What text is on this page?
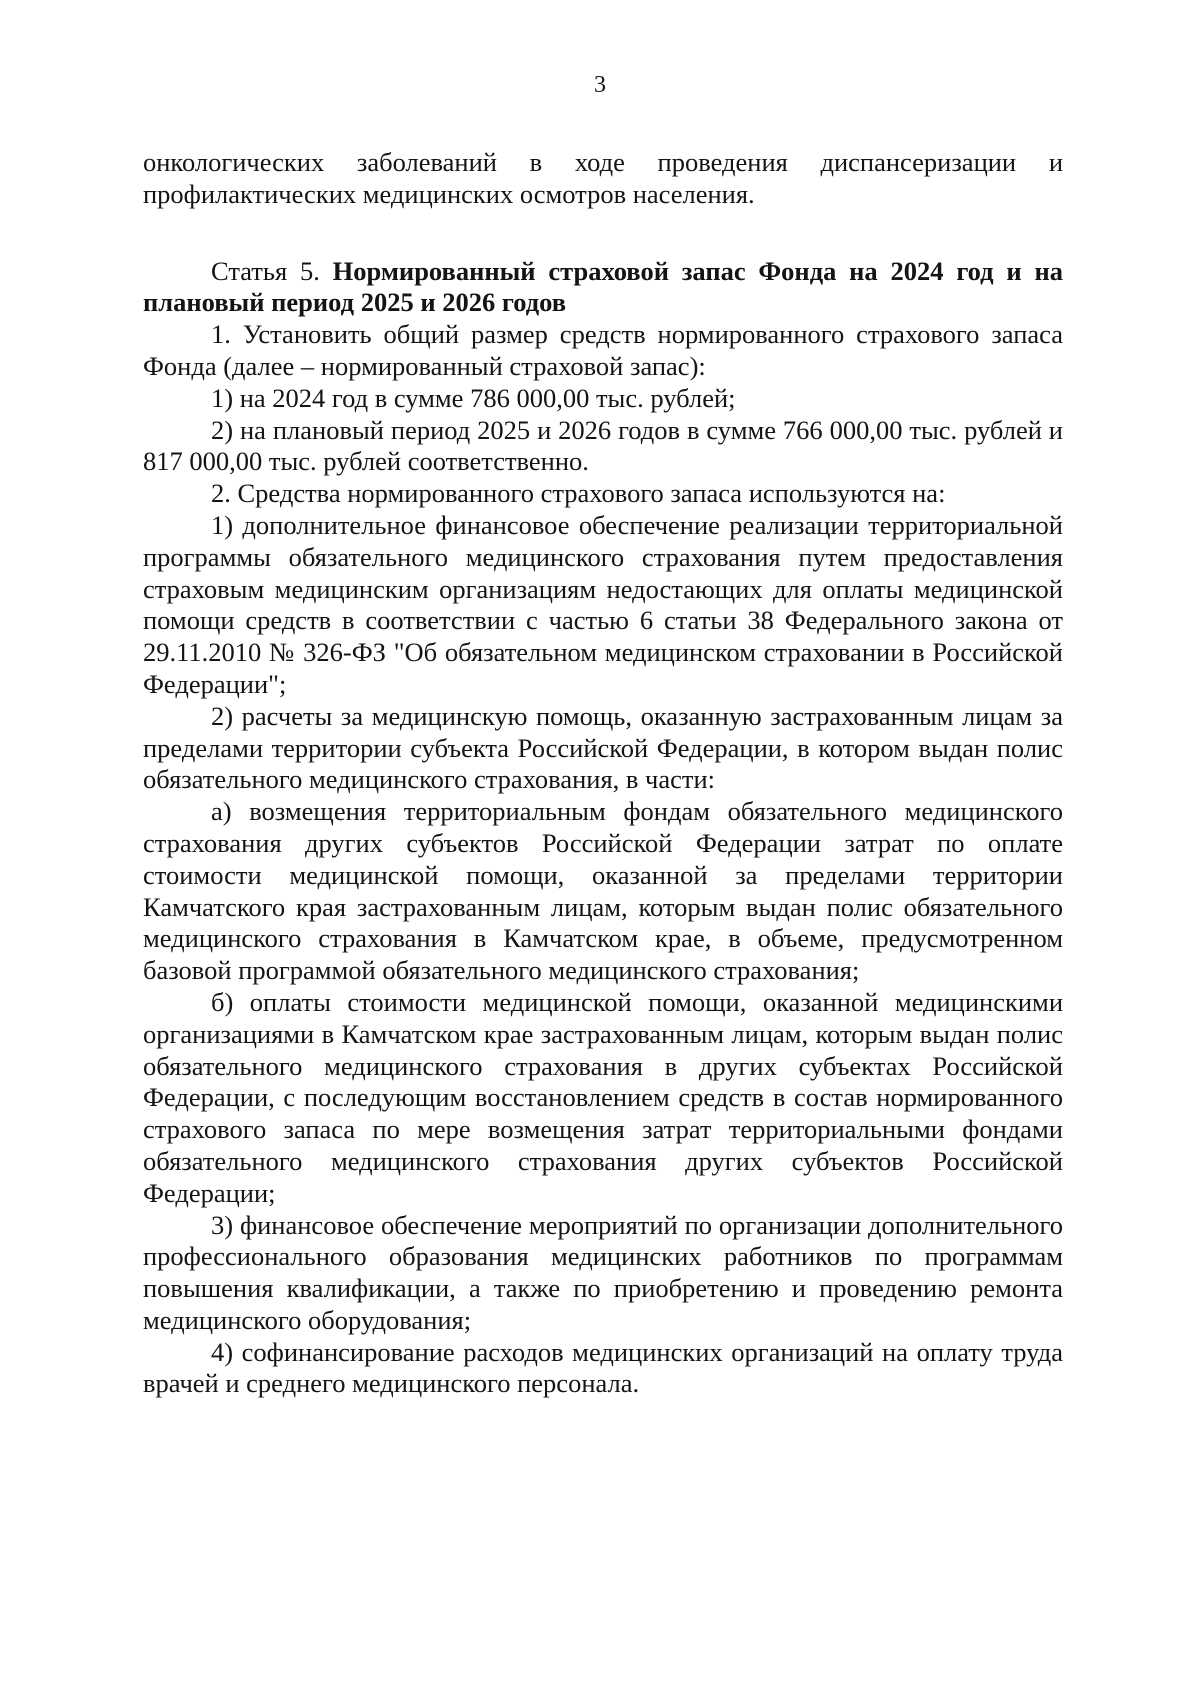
3

онкологических заболеваний в ходе проведения диспансеризации и профилактических медицинских осмотров населения.

Статья 5. Нормированный страховой запас Фонда на 2024 год и на плановый период 2025 и 2026 годов

1. Установить общий размер средств нормированного страхового запаса Фонда (далее – нормированный страховой запас):

1) на 2024 год в сумме 786 000,00 тыс. рублей;

2) на плановый период 2025 и 2026 годов в сумме 766 000,00 тыс. рублей и 817 000,00 тыс. рублей соответственно.

2. Средства нормированного страхового запаса используются на:

1) дополнительное финансовое обеспечение реализации территориальной программы обязательного медицинского страхования путем предоставления страховым медицинским организациям недостающих для оплаты медицинской помощи средств в соответствии с частью 6 статьи 38 Федерального закона от 29.11.2010 № 326-ФЗ "Об обязательном медицинском страховании в Российской Федерации";

2) расчеты за медицинскую помощь, оказанную застрахованным лицам за пределами территории субъекта Российской Федерации, в котором выдан полис обязательного медицинского страхования, в части:

а) возмещения территориальным фондам обязательного медицинского страхования других субъектов Российской Федерации затрат по оплате стоимости медицинской помощи, оказанной за пределами территории Камчатского края застрахованным лицам, которым выдан полис обязательного медицинского страхования в Камчатском крае, в объеме, предусмотренном базовой программой обязательного медицинского страхования;

б) оплаты стоимости медицинской помощи, оказанной медицинскими организациями в Камчатском крае застрахованным лицам, которым выдан полис обязательного медицинского страхования в других субъектах Российской Федерации, с последующим восстановлением средств в состав нормированного страхового запаса по мере возмещения затрат территориальными фондами обязательного медицинского страхования других субъектов Российской Федерации;

3) финансовое обеспечение мероприятий по организации дополнительного профессионального образования медицинских работников по программам повышения квалификации, а также по приобретению и проведению ремонта медицинского оборудования;

4) софинансирование расходов медицинских организаций на оплату труда врачей и среднего медицинского персонала.
